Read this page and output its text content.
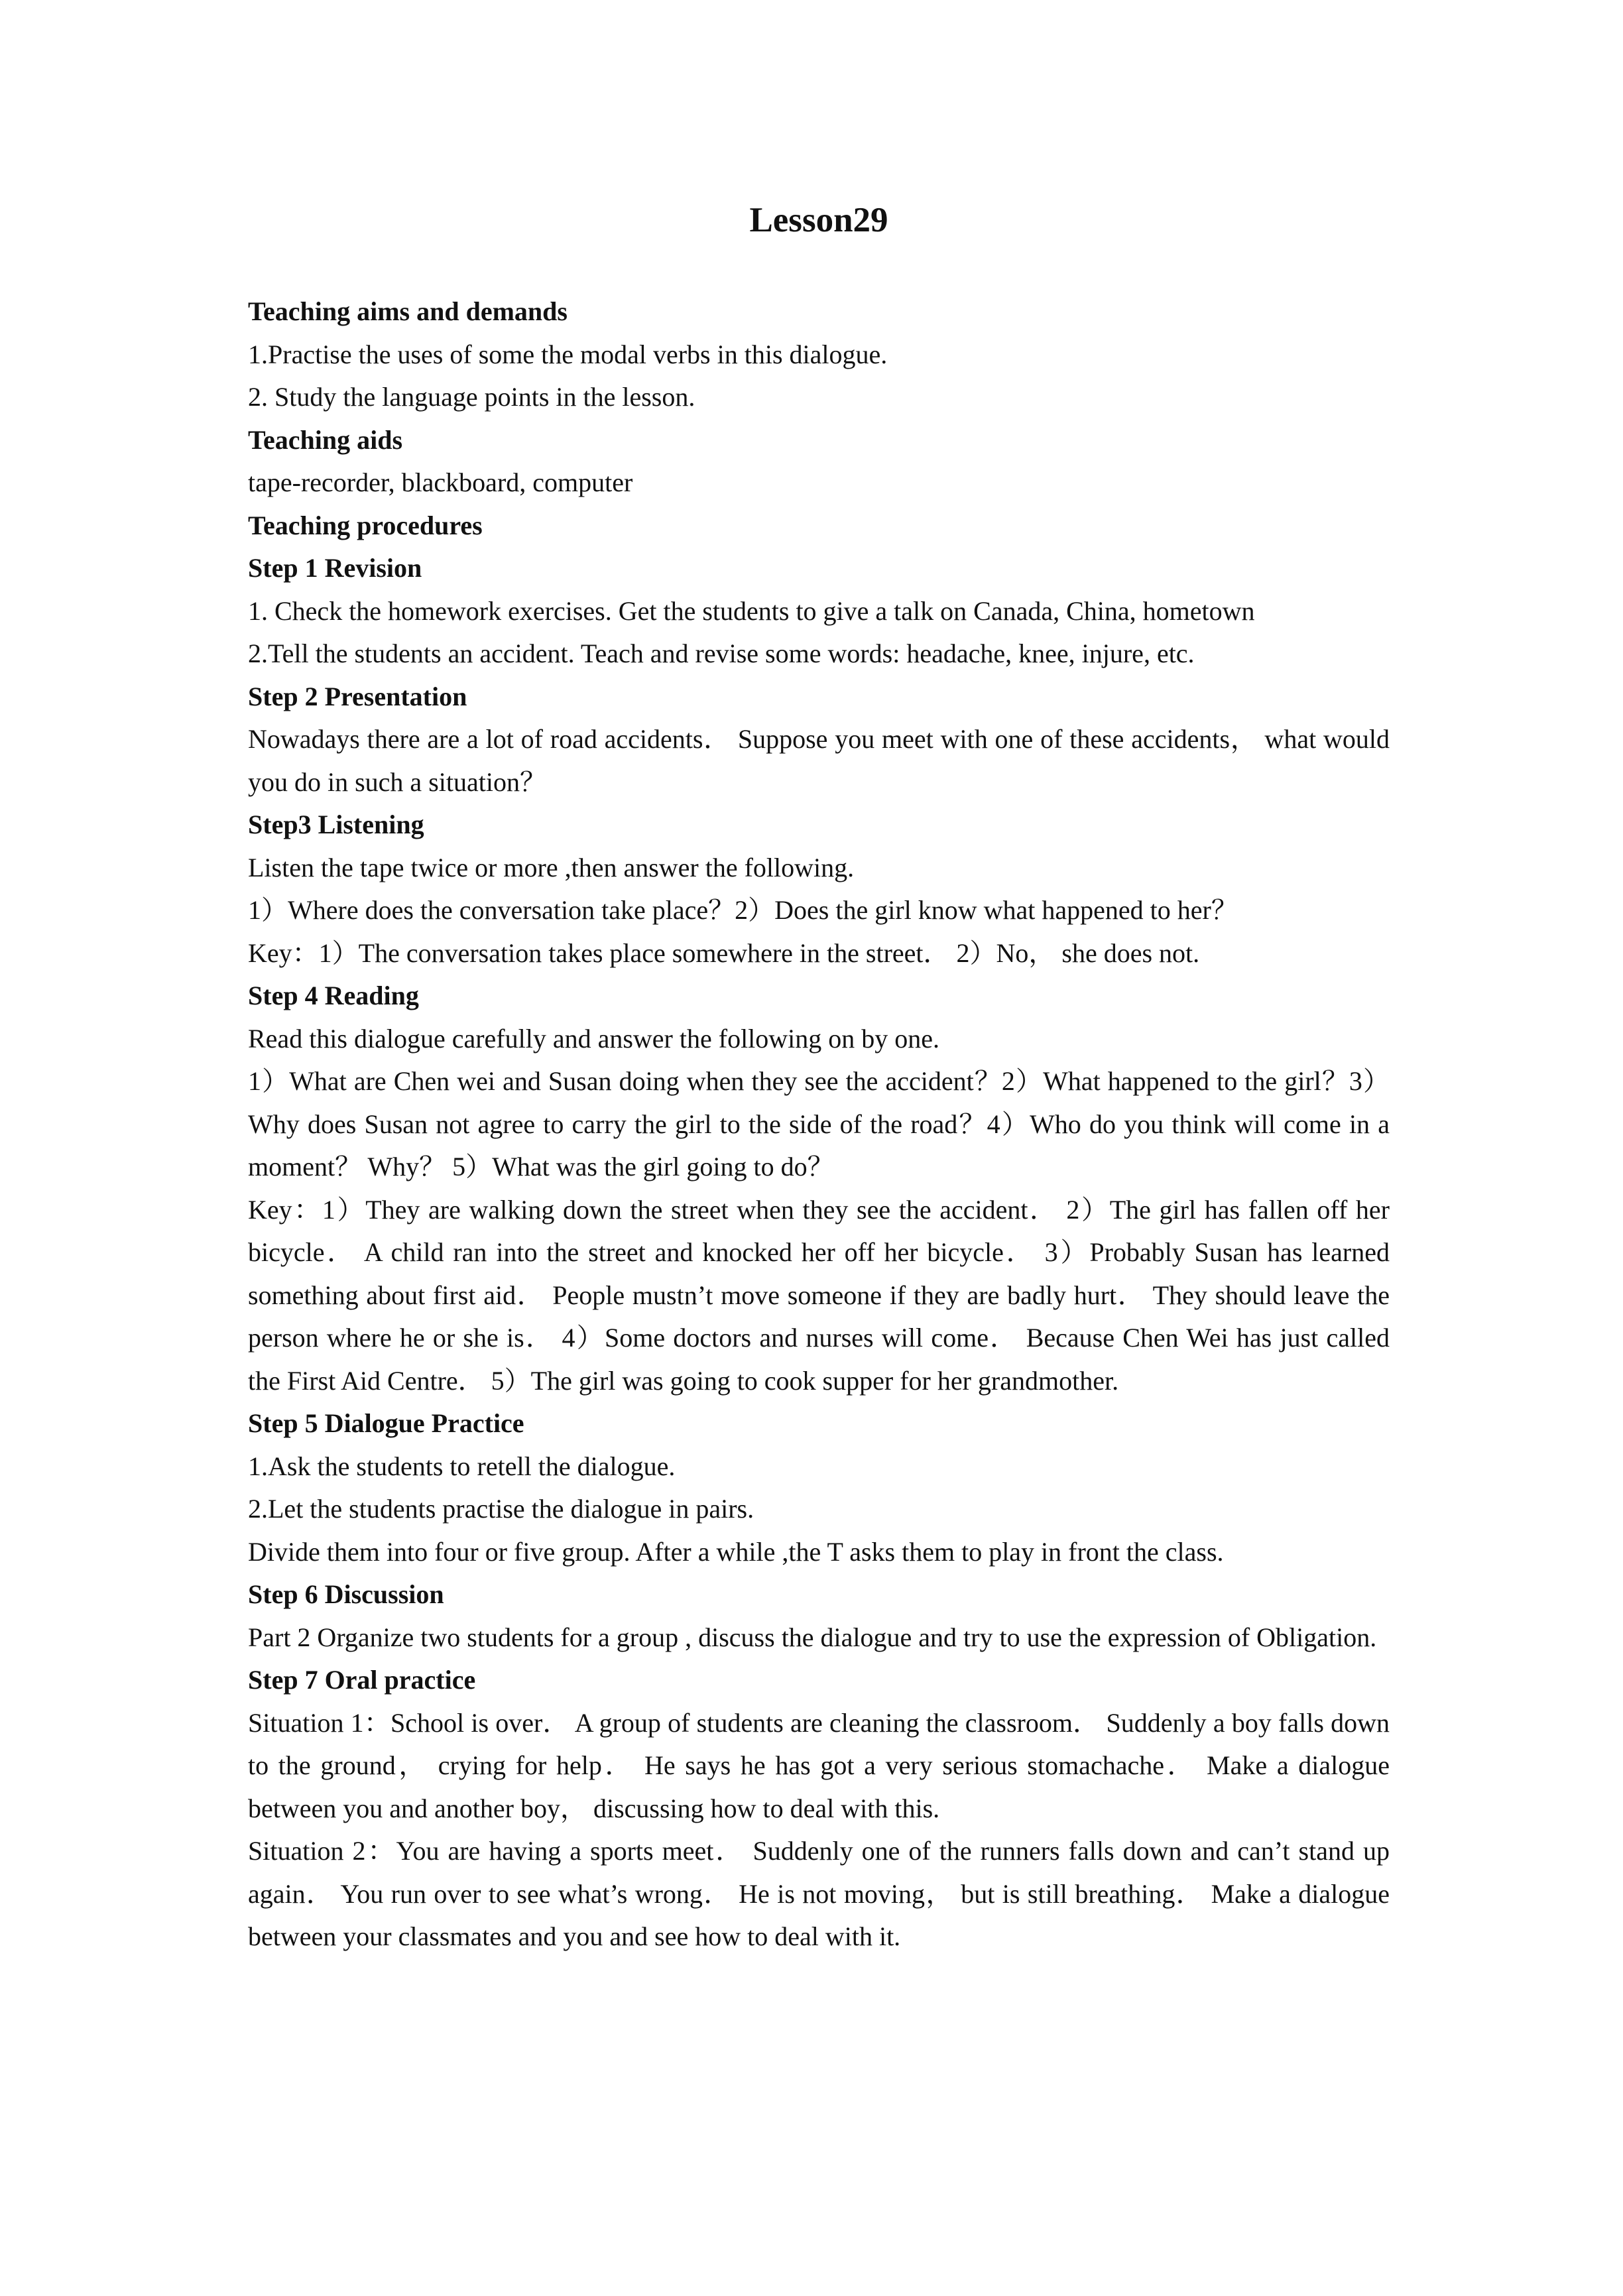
Lesson29

Teaching aims and demands

1.Practise the uses of some the modal verbs in this dialogue.

2. Study the language points in the lesson.

Teaching aids

tape-recorder, blackboard, computer

Teaching procedures

Step 1 Revision

1. Check the homework exercises. Get the students to give a talk on Canada, China, hometown

2.Tell the students an accident. Teach and revise some words: headache, knee, injure, etc.

Step 2 Presentation

Nowadays there are a lot of road accidents． Suppose you meet with one of these accidents， what would you do in such a situation？

Step3 Listening

Listen the tape twice or more ,then answer the following.

1）Where does the conversation take place？2）Does the girl know what happened to her？

Key：1）The conversation takes place somewhere in the street． 2）No， she does not.

Step 4 Reading

Read this dialogue carefully and answer the following on by one.

1）What are Chen wei and Susan doing when they see the accident？2）What happened to the girl？3）Why does Susan not agree to carry the girl to the side of the road？4）Who do you think will come in a moment？ Why？ 5）What was the girl going to do？

Key：1）They are walking down the street when they see the accident． 2）The girl has fallen off her bicycle． A child ran into the street and knocked her off her bicycle． 3）Probably Susan has learned something about first aid． People mustn’t move someone if they are badly hurt． They should leave the person where he or she is． 4）Some doctors and nurses will come． Because Chen Wei has just called the First Aid Centre． 5）The girl was going to cook supper for her grandmother.

Step 5 Dialogue Practice

1.Ask the students to retell the dialogue.

2.Let the students practise the dialogue in pairs.

Divide them into four or five group. After a while ,the T asks them to play in front the class.

Step 6 Discussion

Part 2 Organize two students for a group , discuss the dialogue and try to use the expression of Obligation.

Step 7 Oral practice

Situation 1：School is over． A group of students are cleaning the classroom． Suddenly a boy falls down to the ground， crying for help． He says he has got a very serious stomachache． Make a dialogue between you and another boy， discussing how to deal with this.

Situation 2：You are having a sports meet． Suddenly one of the runners falls down and can’t stand up again． You run over to see what’s wrong． He is not moving， but is still breathing． Make a dialogue between your classmates and you and see how to deal with it.
